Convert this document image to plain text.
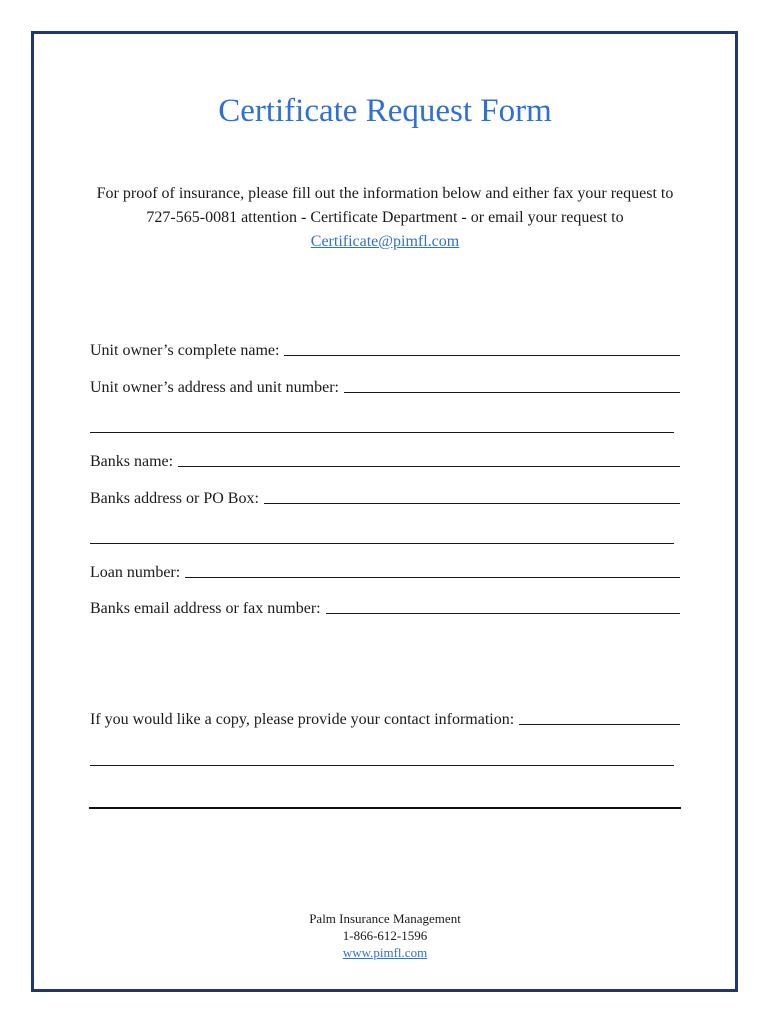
Certificate Request Form
For proof of insurance, please fill out the information below and either fax your request to 727-565-0081 attention - Certificate Department - or email your request to Certificate@pimfl.com
Unit owner’s complete name:
Unit owner’s address and unit number:
Banks name:
Banks address or PO Box:
Loan number:
Banks email address or fax number:
If you would like a copy, please provide your contact information:
Palm Insurance Management
1-866-612-1596
www.pimfl.com
